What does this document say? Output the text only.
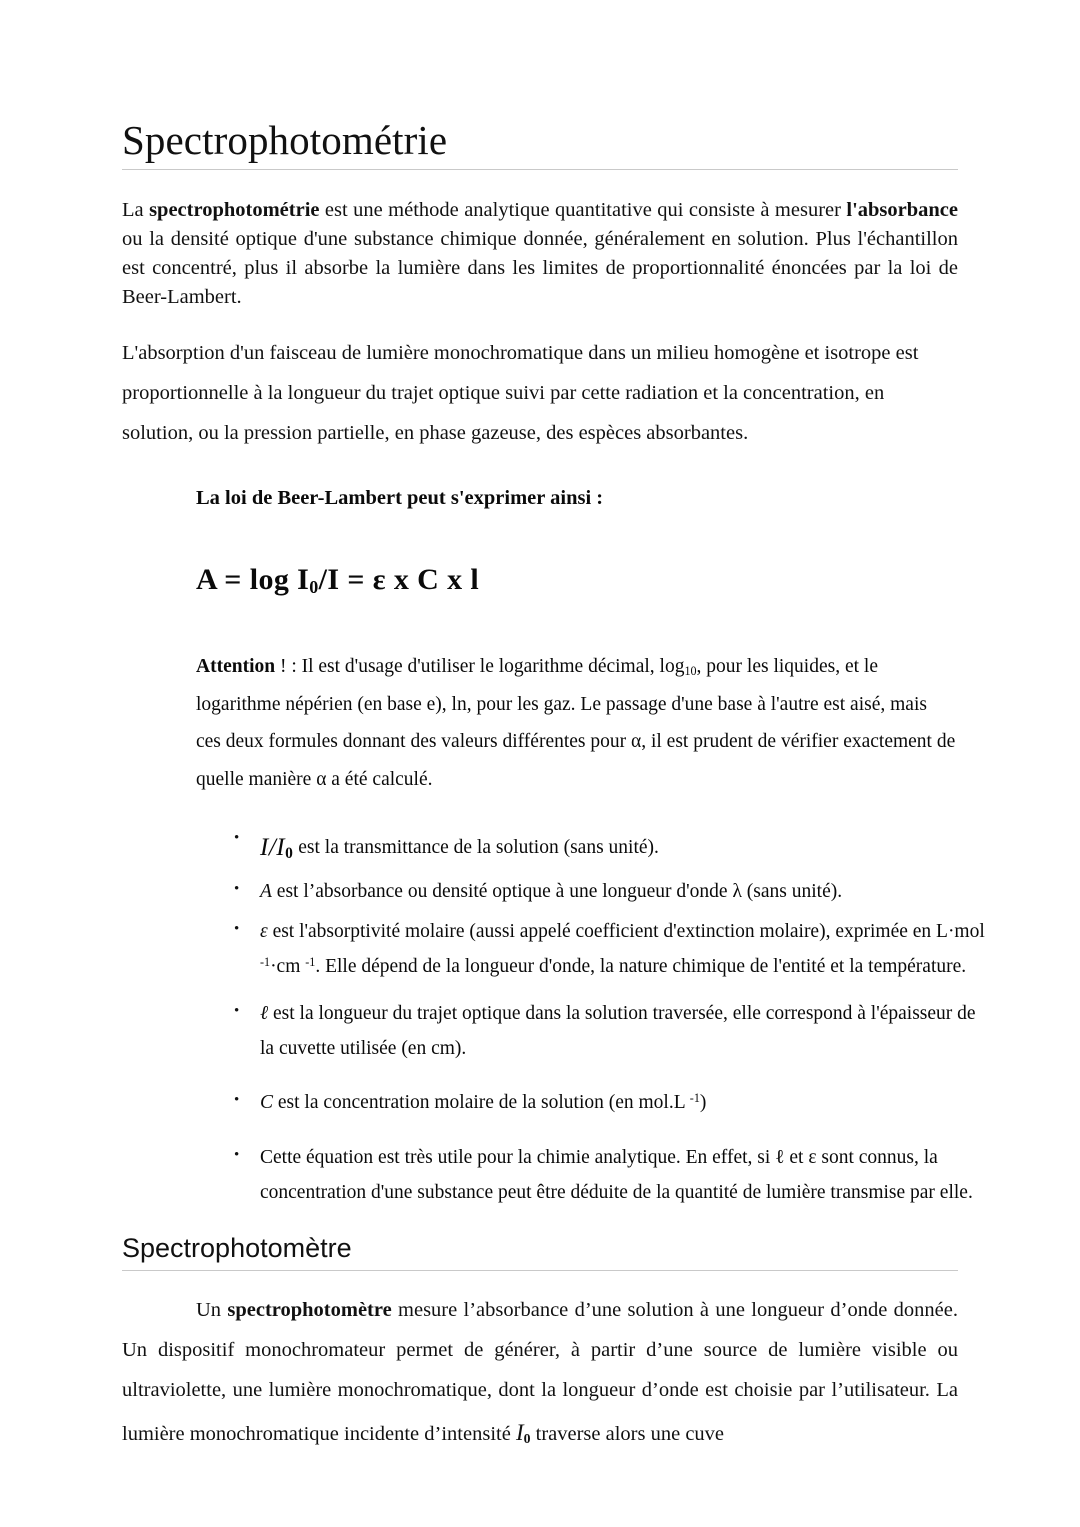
Spectrophotométrie

La spectrophotométrie est une méthode analytique quantitative qui consiste à mesurer l'absorbance ou la densité optique d'une substance chimique donnée, généralement en solution. Plus l'échantillon est concentré, plus il absorbe la lumière dans les limites de proportionnalité énoncées par la loi de Beer-Lambert.

L'absorption d'un faisceau de lumière monochromatique dans un milieu homogène et isotrope est proportionnelle à la longueur du trajet optique suivi par cette radiation et la concentration, en solution, ou la pression partielle, en phase gazeuse, des espèces absorbantes.

La loi de Beer-Lambert peut s'exprimer ainsi :

$A = \log I_0/I = \varepsilon$ x C x l

Attention ! : Il est d'usage d'utiliser le logarithme décimal, $\log_{10}$, pour les liquides, et le logarithme népérien (en base e), ln, pour les gaz. Le passage d'une base à l'autre est aisé, mais ces deux formules donnant des valeurs différentes pour α, il est prudent de vérifier exactement de quelle manière α a été calculé.

• $I/I_0$ est la transmittance de la solution (sans unité).
• A est l’absorbance ou densité optique à une longueur d'onde λ (sans unité).
• ε est l'absorptivité molaire (aussi appelé coefficient d'extinction molaire), exprimée en L·mol $^{-1}$·cm $^{-1}$. Elle dépend de la longueur d'onde, la nature chimique de l'entité et la température.
• ℓ est la longueur du trajet optique dans la solution traversée, elle correspond à l'épaisseur de la cuvette utilisée (en cm).
• C est la concentration molaire de la solution (en mol.L $^{-1}$)
• Cette équation est très utile pour la chimie analytique. En effet, si ℓ et ε sont connus, la concentration d'une substance peut être déduite de la quantité de lumière transmise par elle.
Spectrophotomètre

Un spectrophotomètre mesure l’absorbance d’une solution à une longueur d’onde donnée. Un dispositif monochromateur permet de générer, à partir d’une source de lumière visible ou ultraviolette, une lumière monochromatique, dont la longueur d’onde est choisie par l’utilisateur. La lumière monochromatique incidente d’intensité $I_0$ traverse alors une cuve
